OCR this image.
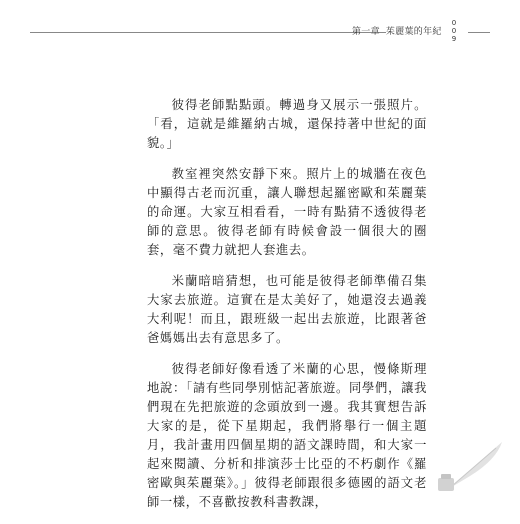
第一章 茱麗葉的年紀
0
0
9

彼得老師點點頭。轉過身又展示一張照片。「看，這就是維羅納古城，還保持著中世紀的面貌。」

教室裡突然安靜下來。照片上的城牆在夜色中顯得古老而沉重，讓人聯想起羅密歐和茱麗葉的命運。大家互相看看，一時有點猜不透彼得老師的意思。彼得老師有時候會設一個很大的圈套，毫不費力就把人套進去。

米蘭暗暗猜想，也可能是彼得老師準備召集大家去旅遊。這實在是太美好了，她還沒去過義大利呢！而且，跟班級一起出去旅遊，比跟著爸爸媽媽出去有意思多了。

彼得老師好像看透了米蘭的心思，慢條斯理地說：「請有些同學別惦記著旅遊。同學們，讓我們現在先把旅遊的念頭放到一邊。我其實想告訴大家的是，從下星期起，我們將舉行一個主題月，我計畫用四個星期的語文課時間，和大家一起來閱讀、分析和排演莎士比亞的不朽劇作《羅密歐與茱麗葉》。」彼得老師跟很多德國的語文老師一樣，不喜歡按教科書教課，
